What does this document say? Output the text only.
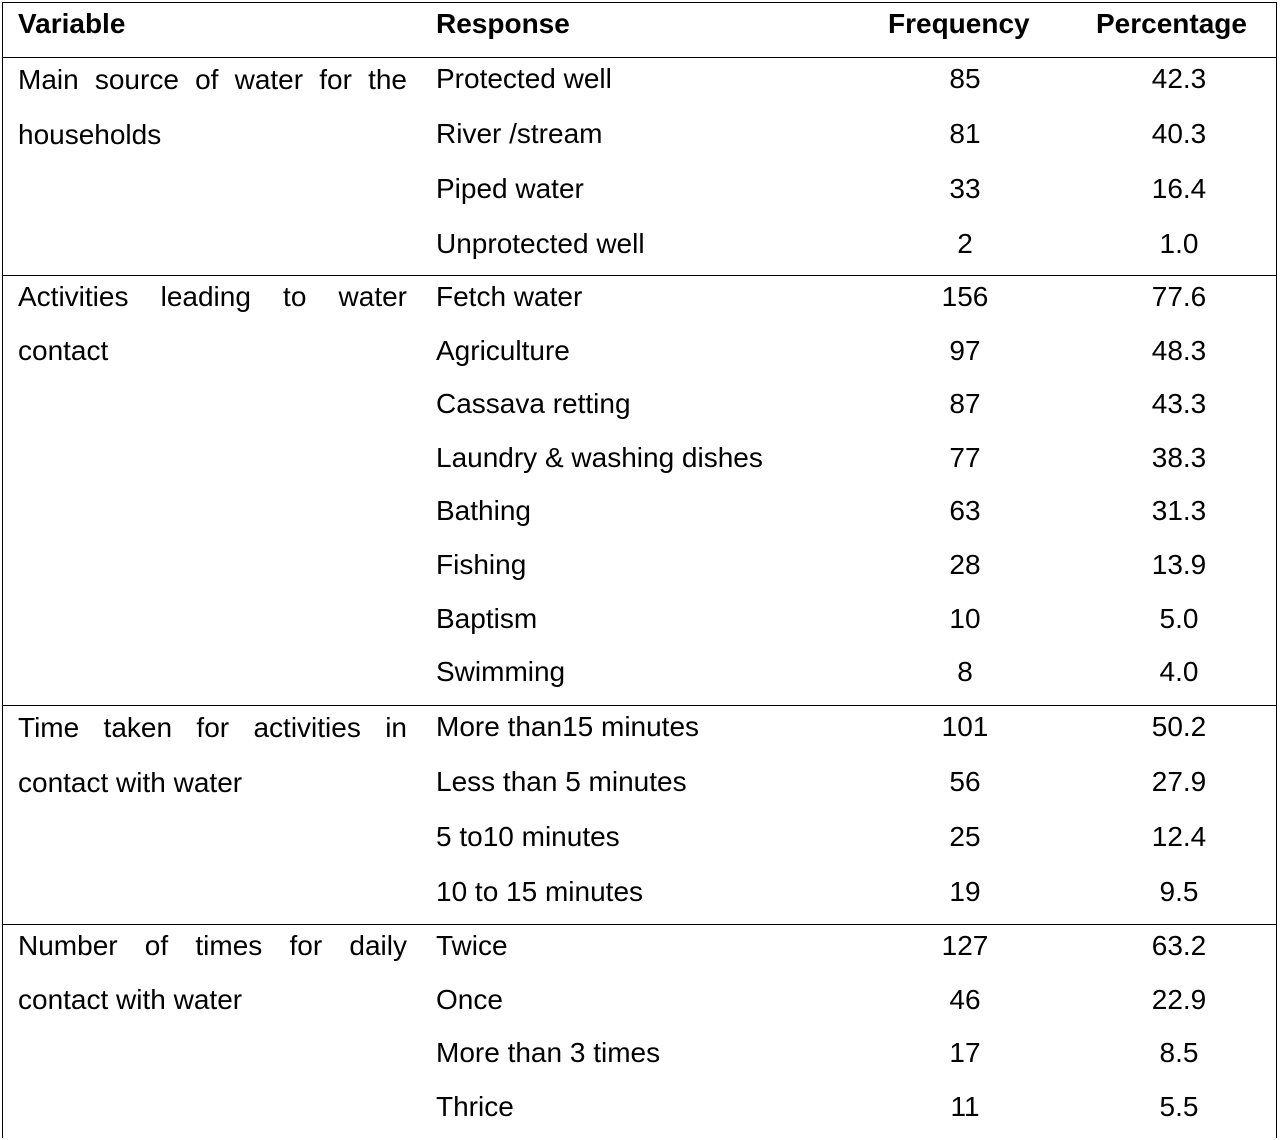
Variable	Response	Frequency Percentage
Main source of water for the households
Protected well	85	42.3
River /stream	81	40.3
Piped water	33	16.4
Unprotected well	2	1.0
Activities leading to water contact
Fetch water	156	77.6
Agriculture	97	48.3
Cassava retting	87	43.3
Laundry & washing dishes	77	38.3
Bathing	63	31.3
Fishing	28	13.9
Baptism	10	5.0
Swimming	8	4.0
Time taken for activities in contact with water
More than15 minutes	101	50.2
Less than 5 minutes	56	27.9
5 to10 minutes	25	12.4
10 to 15 minutes	19	9.5
Number of times for daily contact with water
Twice	127	63.2
Once	46	22.9
More than 3 times	17	8.5
Thrice	11	5.5
